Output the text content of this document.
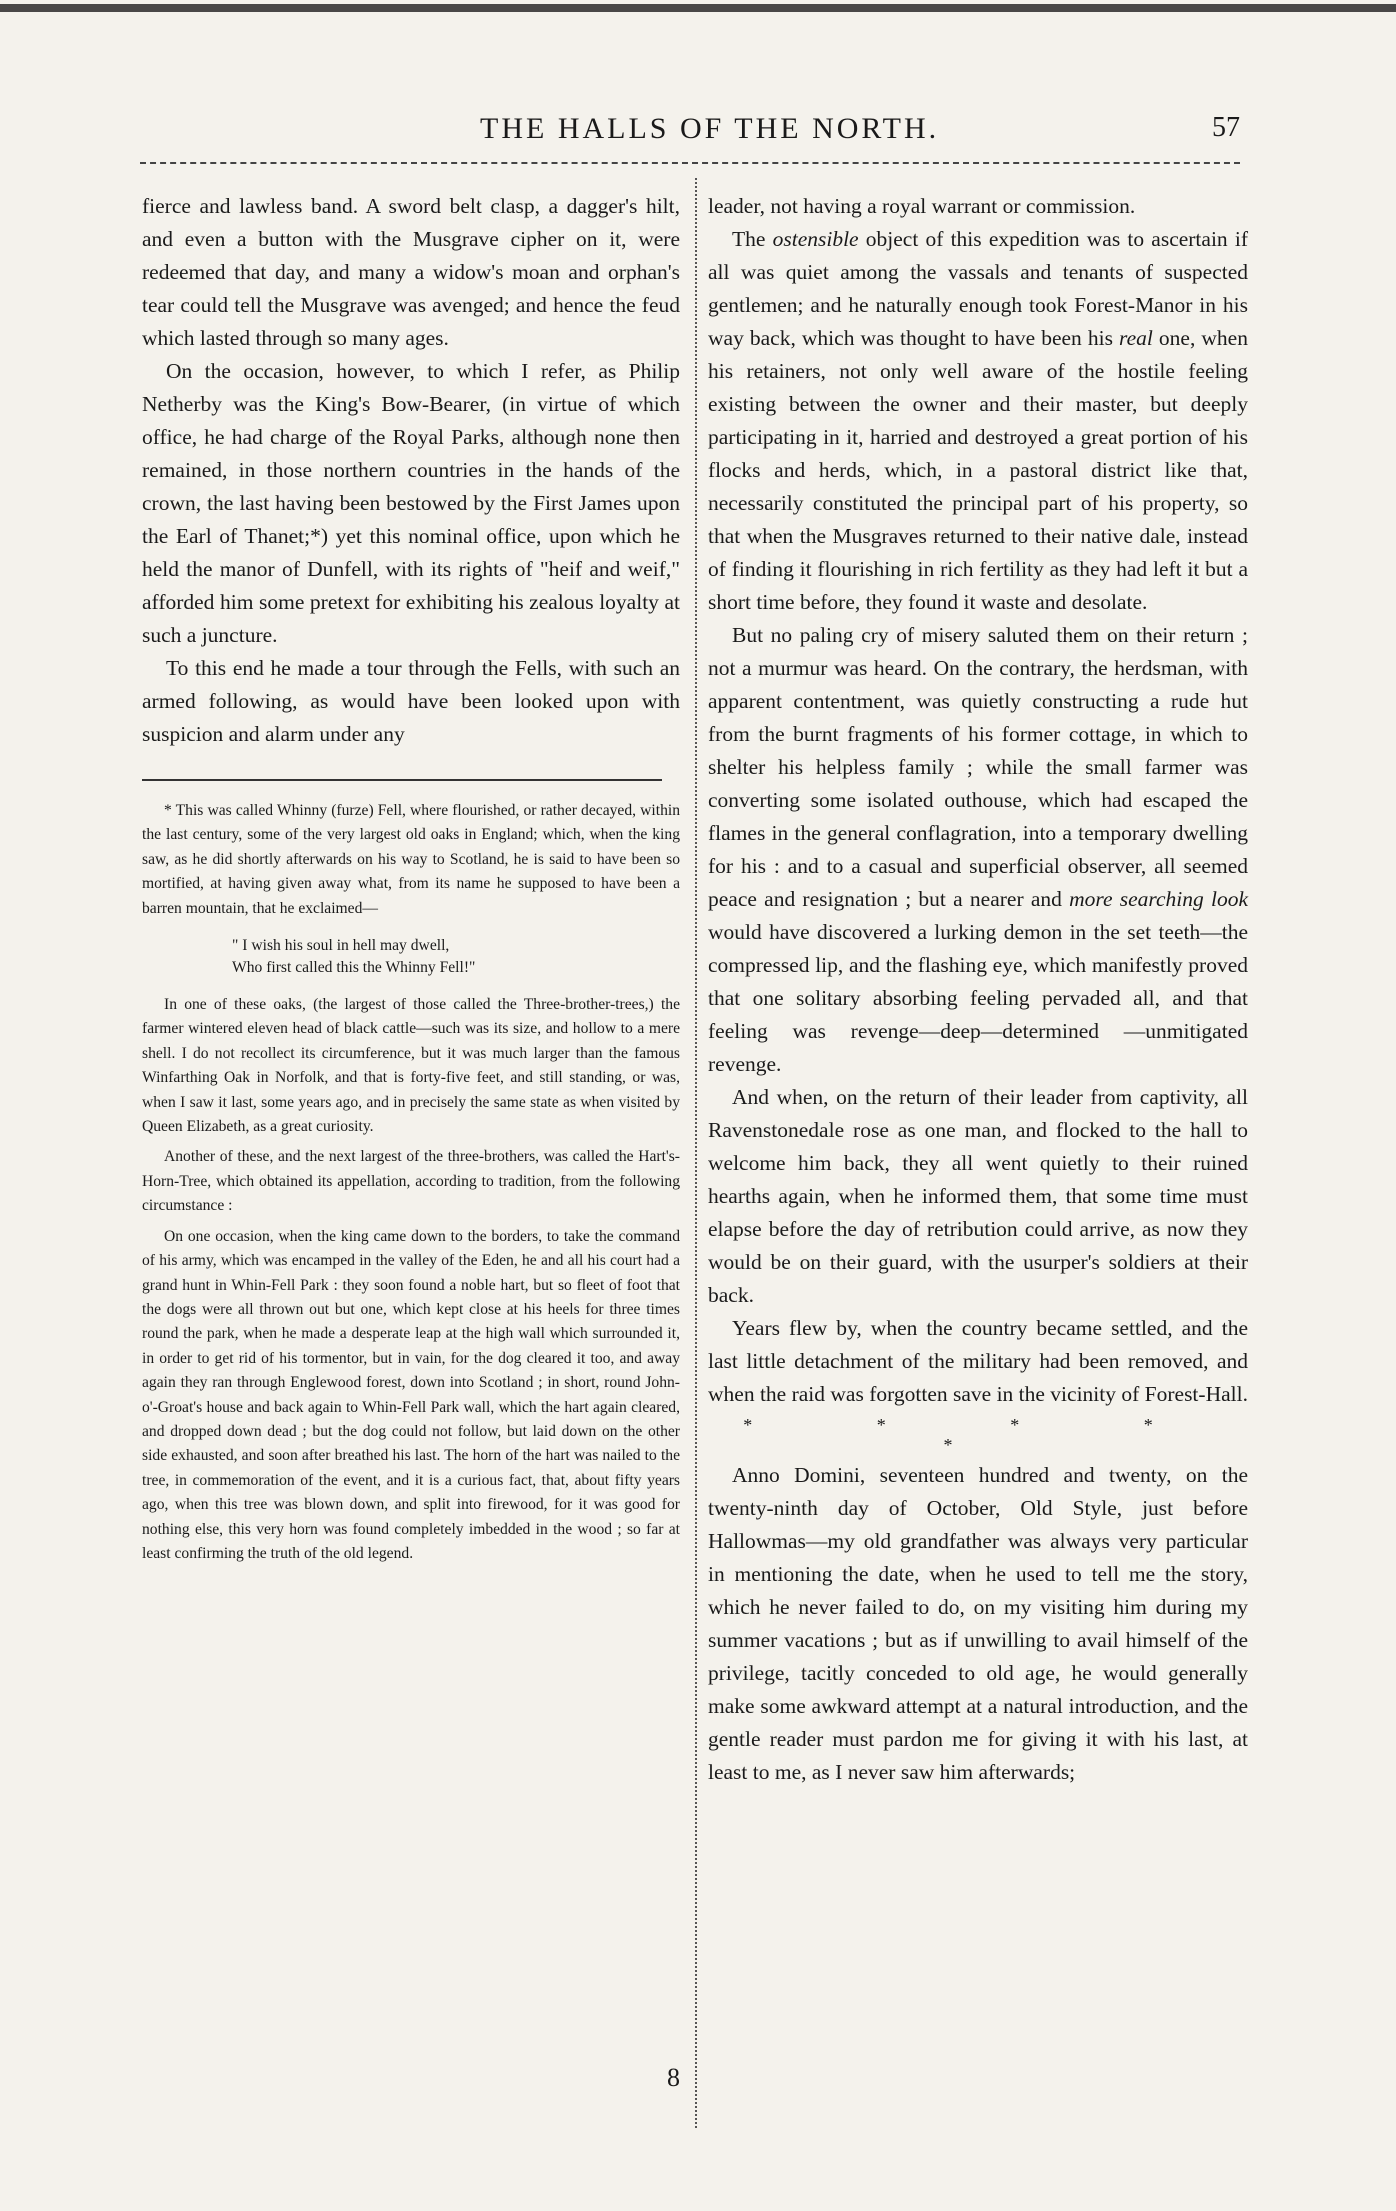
THE HALLS OF THE NORTH.	57

fierce and lawless band. A sword belt clasp, a dagger's hilt, and even a button with the Musgrave cipher on it, were redeemed that day, and many a widow's moan and orphan's tear could tell the Musgrave was avenged; and hence the feud which lasted through so many ages.

On the occasion, however, to which I refer, as Philip Netherby was the King's Bow-Bearer, (in virtue of which office, he had charge of the Royal Parks, although none then remained, in those northern countries in the hands of the crown, the last having been bestowed by the First James upon the Earl of Thanet;*) yet this nominal office, upon which he held the manor of Dunfell, with its rights of "heif and weif," afforded him some pretext for exhibiting his zealous loyalty at such a juncture.

To this end he made a tour through the Fells, with such an armed following, as would have been looked upon with suspicion and alarm under any

* This was called Whinny (furze) Fell, where flourished, or rather decayed, within the last century, some of the very largest old oaks in England; which, when the king saw, as he did shortly afterwards on his way to Scotland, he is said to have been so mortified, at having given away what, from its name he supposed to have been a barren mountain, that he exclaimed—

" I wish his soul in hell may dwell,
Who first called this the Whinny Fell!"

In one of these oaks, (the largest of those called the Three-brother-trees,) the farmer wintered eleven head of black cattle—such was its size, and hollow to a mere shell. I do not recollect its circumference, but it was much larger than the famous Winfarthing Oak in Norfolk, and that is forty-five feet, and still standing, or was, when I saw it last, some years ago, and in precisely the same state as when visited by Queen Elizabeth, as a great curiosity.

Another of these, and the next largest of the three-brothers, was called the Hart's-Horn-Tree, which obtained its appellation, according to tradition, from the following circumstance :

On one occasion, when the king came down to the borders, to take the command of his army, which was encamped in the valley of the Eden, he and all his court had a grand hunt in Whin-Fell Park : they soon found a noble hart, but so fleet of foot that the dogs were all thrown out but one, which kept close at his heels for three times round the park, when he made a desperate leap at the high wall which surrounded it, in order to get rid of his tormentor, but in vain, for the dog cleared it too, and away again they ran through Englewood forest, down into Scotland ; in short, round John-o'-Groat's house and back again to Whin-Fell Park wall, which the hart again cleared, and dropped down dead ; but the dog could not follow, but laid down on the other side exhausted, and soon after breathed his last. The horn of the hart was nailed to the tree, in commemoration of the event, and it is a curious fact, that, about fifty years ago, when this tree was blown down, and split into firewood, for it was good for nothing else, this very horn was found completely imbedded in the wood ; so far at least confirming the truth of the old legend.

leader, not having a royal warrant or commission.

The ostensible object of this expedition was to ascertain if all was quiet among the vassals and tenants of suspected gentlemen; and he naturally enough took Forest-Manor in his way back, which was thought to have been his real one, when his retainers, not only well aware of the hostile feeling existing between the owner and their master, but deeply participating in it, harried and destroyed a great portion of his flocks and herds, which, in a pastoral district like that, necessarily constituted the principal part of his property, so that when the Musgraves returned to their native dale, instead of finding it flourishing in rich fertility as they had left it but a short time before, they found it waste and desolate.

But no paling cry of misery saluted them on their return ; not a murmur was heard. On the contrary, the herdsman, with apparent contentment, was quietly constructing a rude hut from the burnt fragments of his former cottage, in which to shelter his helpless family ; while the small farmer was converting some isolated outhouse, which had escaped the flames in the general conflagration, into a temporary dwelling for his : and to a casual and superficial observer, all seemed peace and resignation ; but a nearer and more searching look would have discovered a lurking demon in the set teeth—the compressed lip, and the flashing eye, which manifestly proved that one solitary absorbing feeling pervaded all, and that feeling was revenge—deep—determined —unmitigated revenge.

And when, on the return of their leader from captivity, all Ravenstonedale rose as one man, and flocked to the hall to welcome him back, they all went quietly to their ruined hearths again, when he informed them, that some time must elapse before the day of retribution could arrive, as now they would be on their guard, with the usurper's soldiers at their back.

Years flew by, when the country became settled, and the last little detachment of the military had been removed, and when the raid was forgotten save in the vicinity of Forest-Hall.

* * * * *

Anno Domini, seventeen hundred and twenty, on the twenty-ninth day of October, Old Style, just before Hallowmas—my old grandfather was always very particular in mentioning the date, when he used to tell me the story, which he never failed to do, on my visiting him during my summer vacations ; but as if unwilling to avail himself of the privilege, tacitly conceded to old age, he would generally make some awkward attempt at a natural introduction, and the gentle reader must pardon me for giving it with his last, at least to me, as I never saw him afterwards;

8
